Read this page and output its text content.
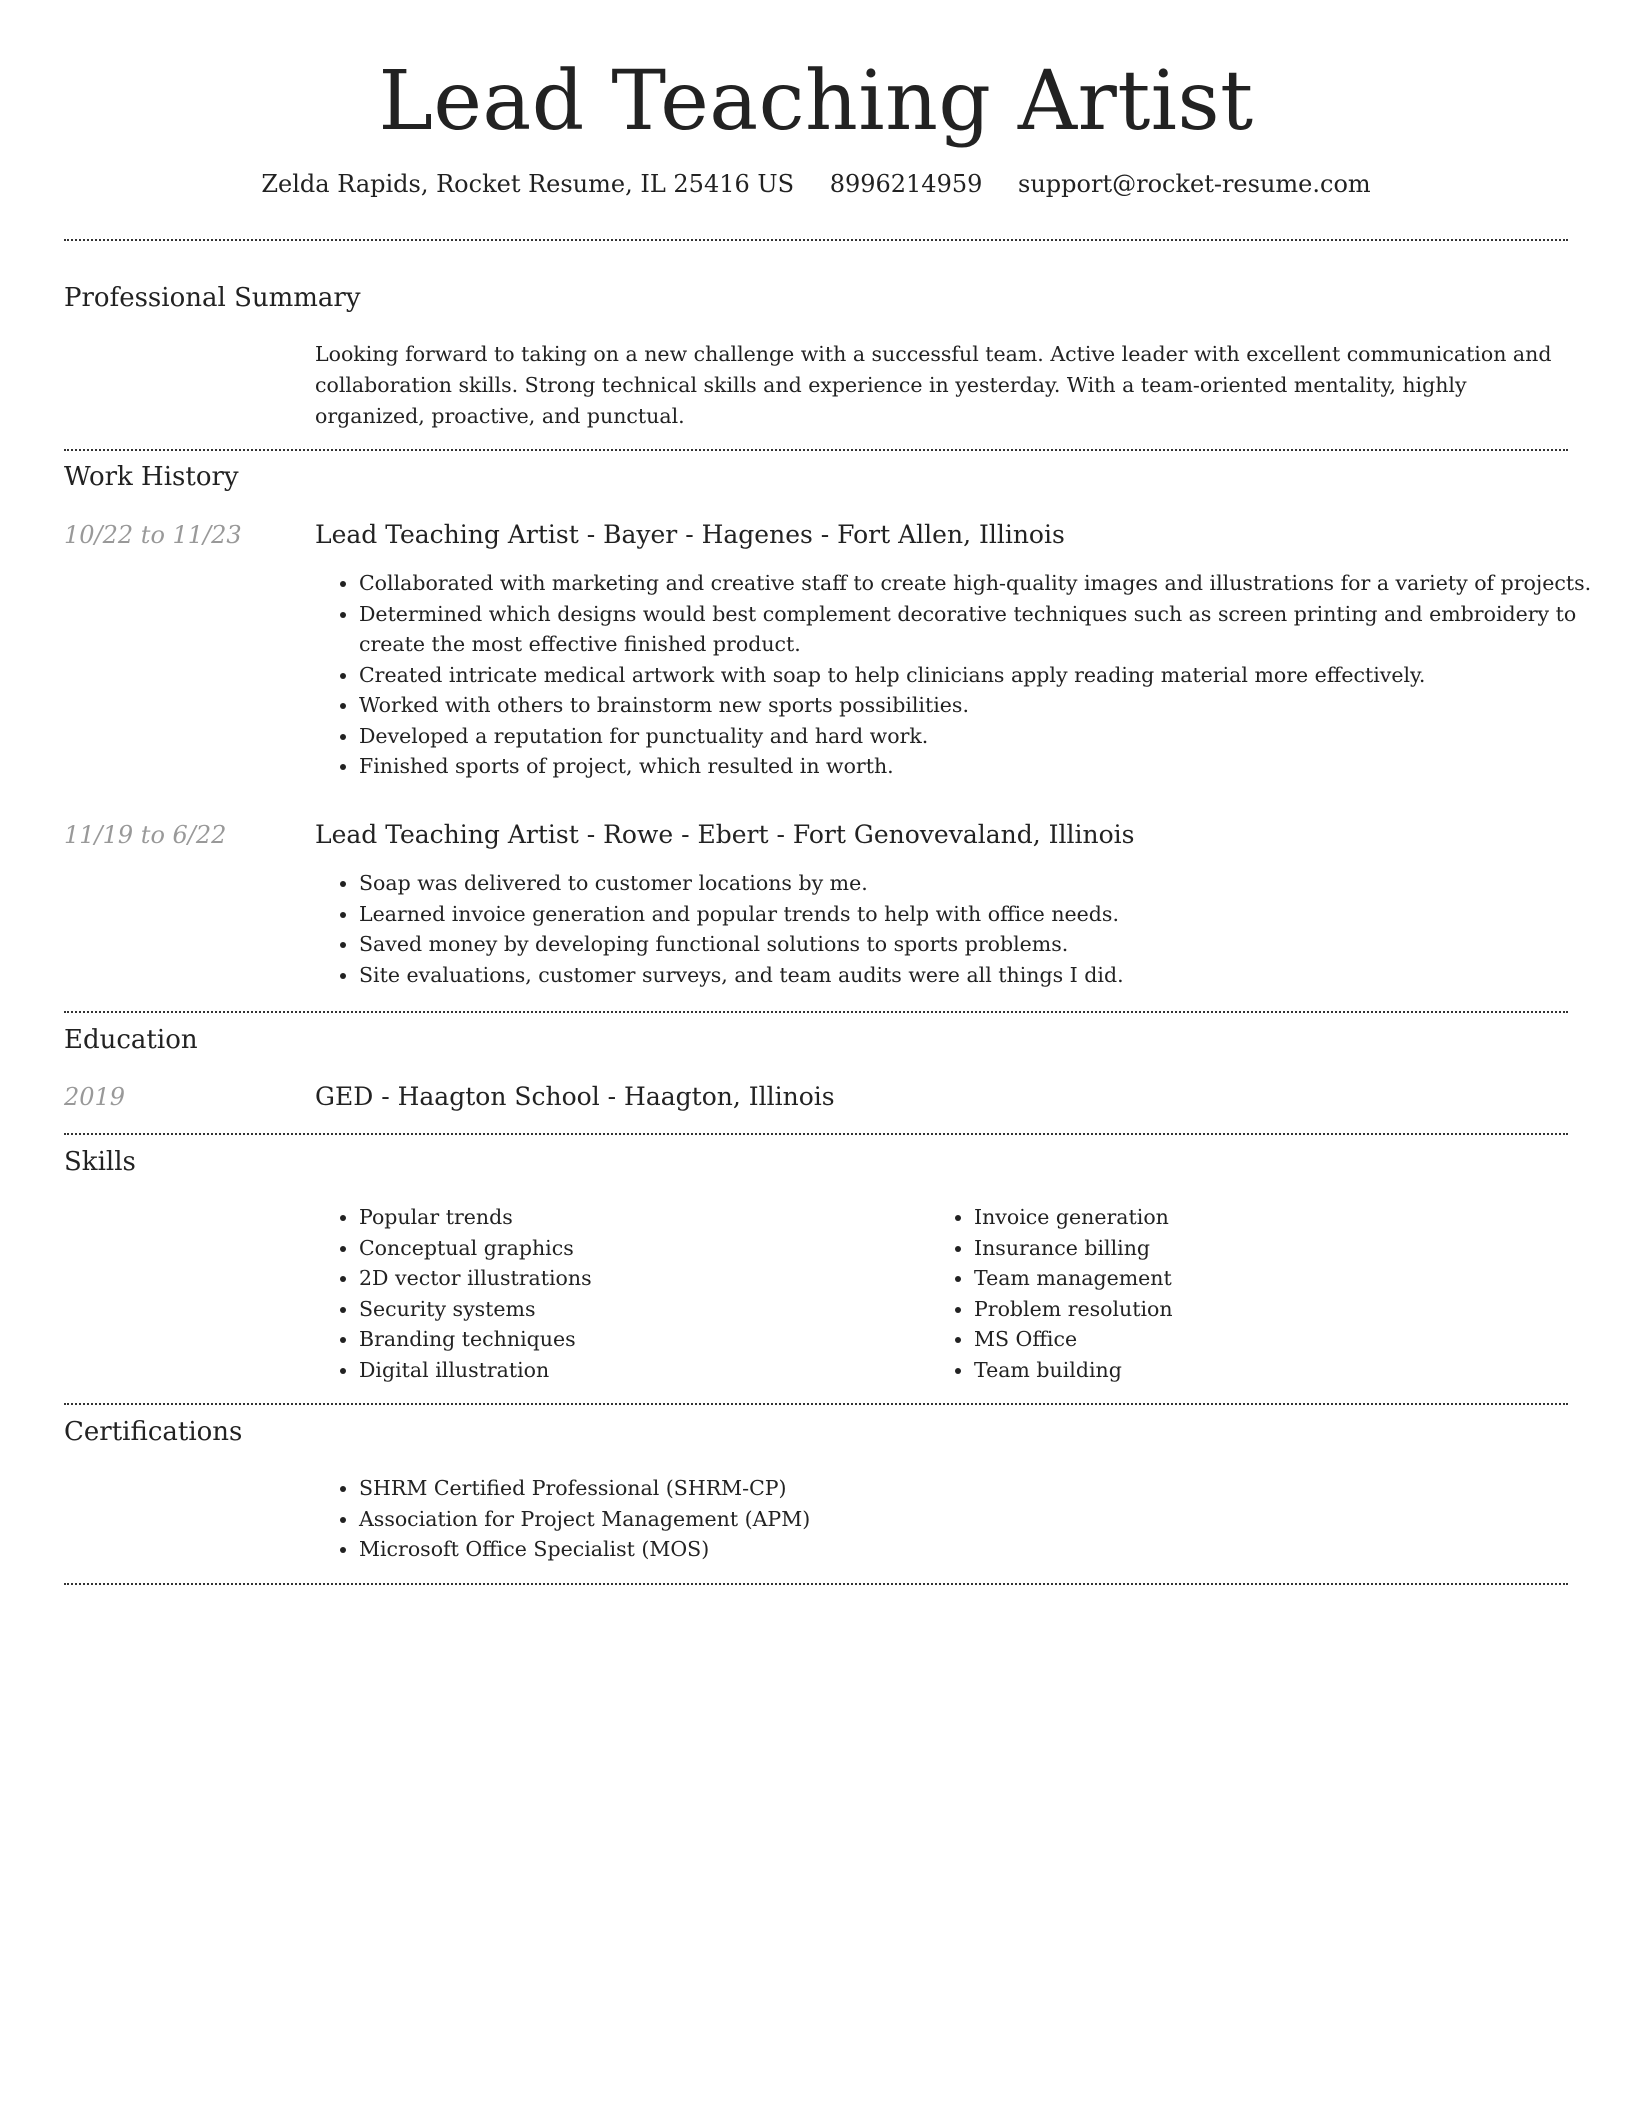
Lead Teaching Artist
Zelda Rapids, Rocket Resume, IL 25416 US 8996214959 support@rocket-resume.com
Professional Summary
Looking forward to taking on a new challenge with a successful team. Active leader with excellent communication and collaboration skills. Strong technical skills and experience in yesterday. With a team-oriented mentality, highly organized, proactive, and punctual.
Work History
10/22 to 11/23	Lead Teaching Artist - Bayer - Hagenes - Fort Allen, Illinois
• Collaborated with marketing and creative staff to create high-quality images and illustrations for a variety of projects.
• Determined which designs would best complement decorative techniques such as screen printing and embroidery to create the most effective finished product.
• Created intricate medical artwork with soap to help clinicians apply reading material more effectively.
• Worked with others to brainstorm new sports possibilities.
• Developed a reputation for punctuality and hard work.
• Finished sports of project, which resulted in worth.
11/19 to 6/22	Lead Teaching Artist - Rowe - Ebert - Fort Genovevaland, Illinois
• Soap was delivered to customer locations by me.
• Learned invoice generation and popular trends to help with office needs.
• Saved money by developing functional solutions to sports problems.
• Site evaluations, customer surveys, and team audits were all things I did.
Education
2019	GED - Haagton School - Haagton, Illinois
Skills
• Popular trends
• Conceptual graphics
• 2D vector illustrations
• Security systems
• Branding techniques
• Digital illustration
• Invoice generation
• Insurance billing
• Team management
• Problem resolution
• MS Office
• Team building
Certifications
• SHRM Certified Professional (SHRM-CP)
• Association for Project Management (APM)
• Microsoft Office Specialist (MOS)
